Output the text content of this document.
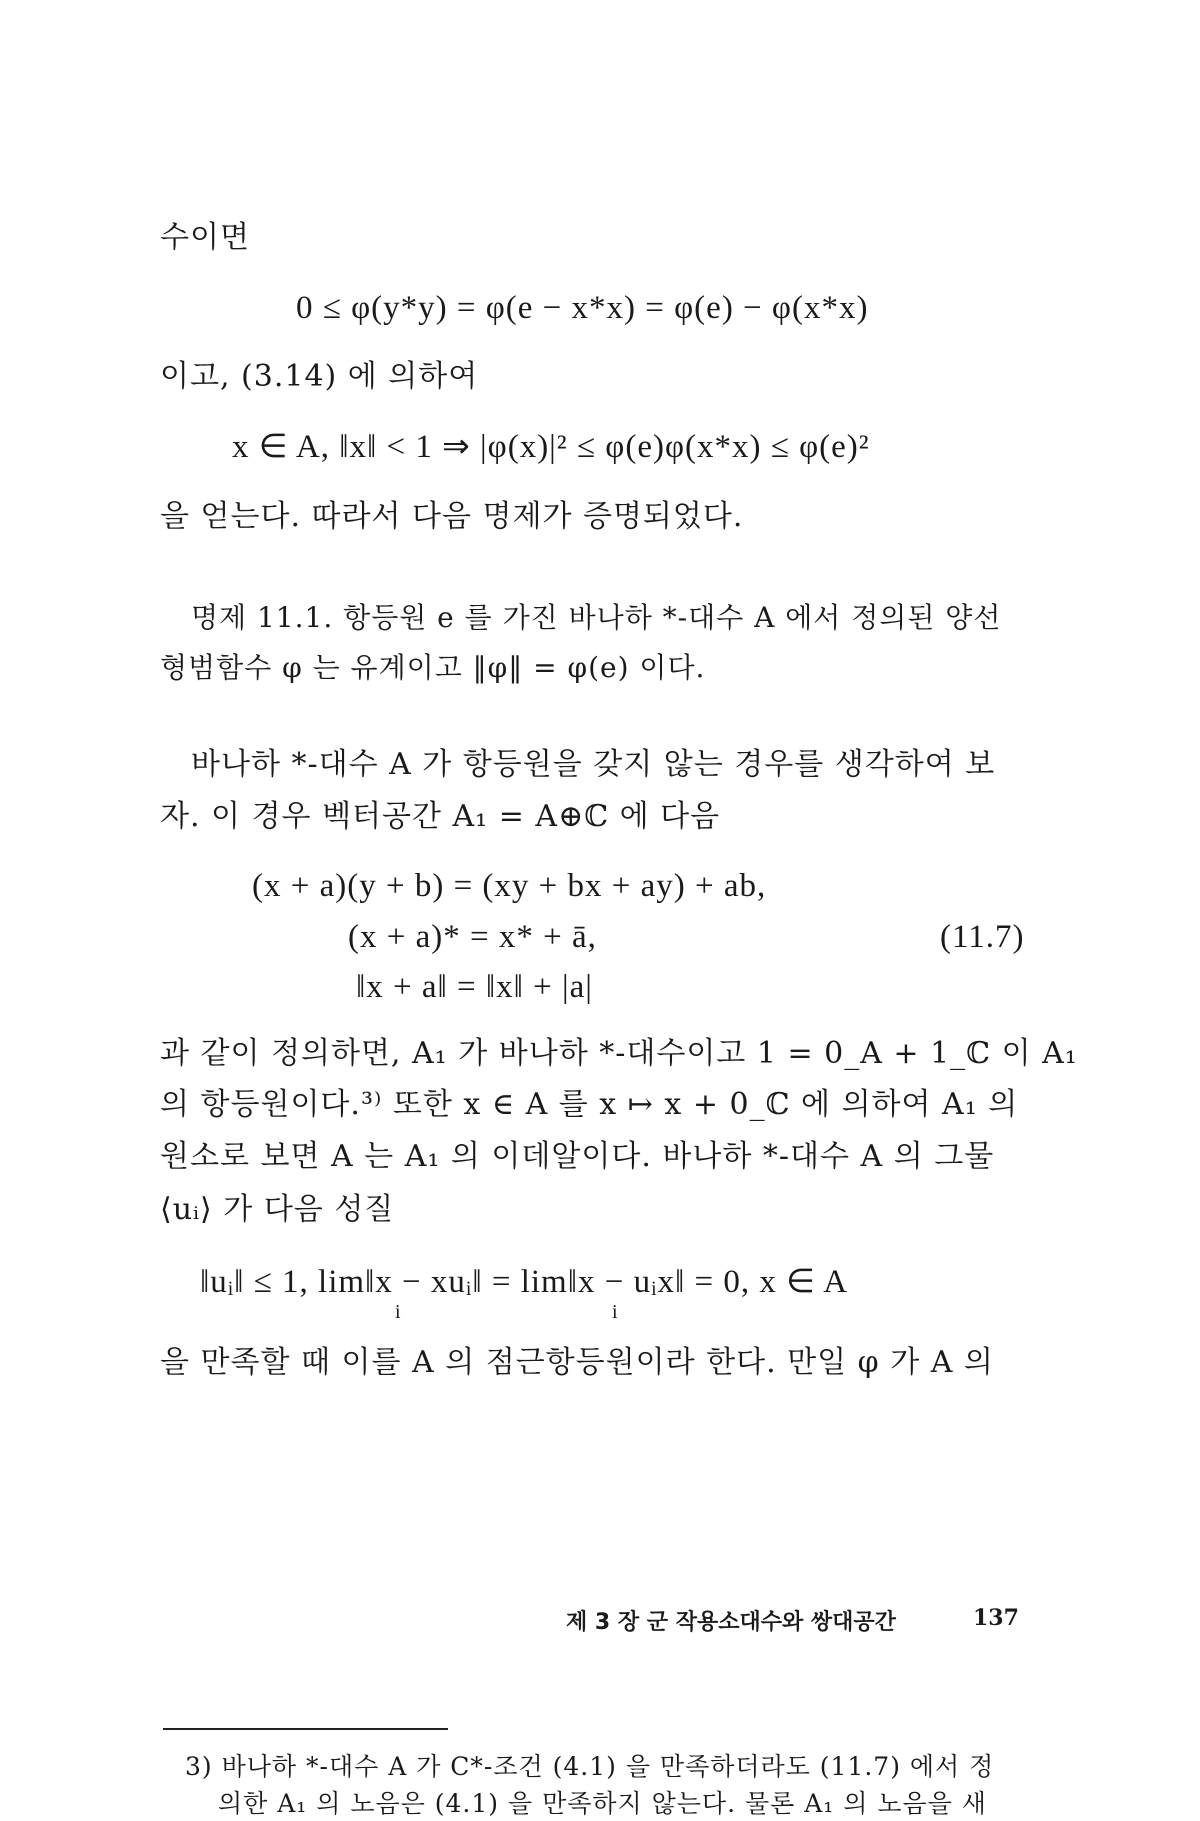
수이면
0 ≤ φ(y*y) = φ(e − x*x) = φ(e) − φ(x*x)
이고, (3.14) 에 의하여
x ∈ A, ‖x‖ < 1 ⇒ |φ(x)|² ≤ φ(e)φ(x*x) ≤ φ(e)²
을 얻는다. 따라서 다음 명제가 증명되었다.
명제 11.1. 항등원 e 를 가진 바나하 *-대수 A 에서 정의된 양선
형범함수 φ 는 유계이고 ‖φ‖ = φ(e) 이다.
바나하 *-대수 A 가 항등원을 갖지 않는 경우를 생각하여 보
자. 이 경우 벡터공간 A₁ = A⊕ℂ 에 다음
(x + a)(y + b) = (xy + bx + ay) + ab,
(x + a)* = x* + ā,	(11.7)
‖x + a‖ = ‖x‖ + |a|
과 같이 정의하면, A₁ 가 바나하 *-대수이고 1 = 0_A + 1_ℂ 이 A₁
의 항등원이다.³⁾ 또한 x ∈ A 를 x ↦ x + 0_ℂ 에 의하여 A₁ 의
원소로 보면 A 는 A₁ 의 이데알이다. 바나하 *-대수 A 의 그물
⟨uᵢ⟩ 가 다음 성질
‖uᵢ‖ ≤ 1, lim‖x − xuᵢ‖ = lim‖x − uᵢx‖ = 0, x ∈ A
i	i
을 만족할 때 이를 A 의 점근항등원이라 한다. 만일 φ 가 A 의
3) 바나하 *-대수 A 가 C*-조건 (4.1) 을 만족하더라도 (11.7) 에서 정
의한 A₁ 의 노음은 (4.1) 을 만족하지 않는다. 물론 A₁ 의 노음을 새
제 3 장 군 작용소대수와 쌍대공간	137
